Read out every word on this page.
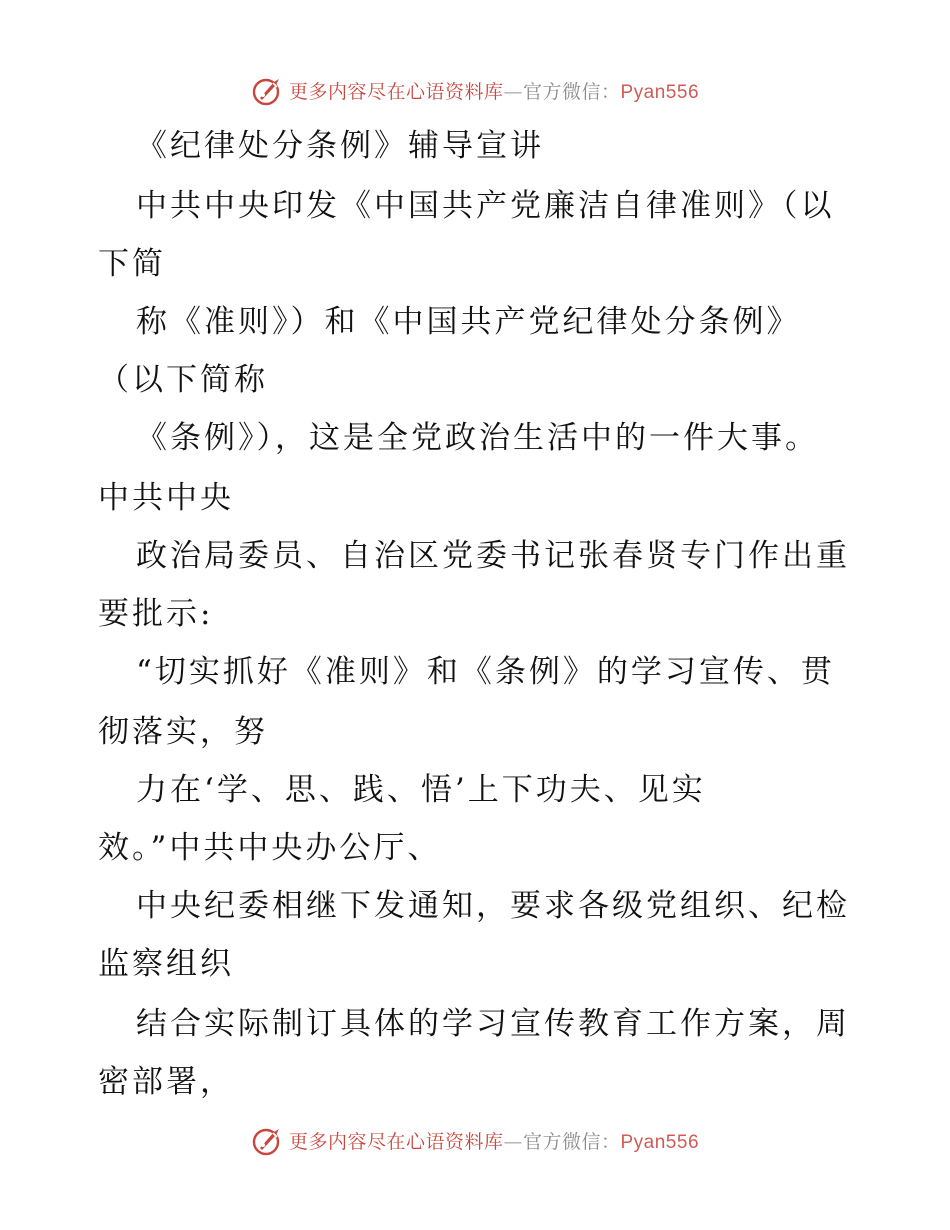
更多内容尽在心语资料库—官方微信：Pyan556
《纪律处分条例》辅导宣讲
中共中央印发《中国共产党廉洁自律准则》（以
下简
称《准则》）和《中国共产党纪律处分条例》
（以下简称
《条例》），这是全党政治生活中的一件大事。
中共中央
政治局委员、自治区党委书记张春贤专门作出重
要批示:
“切实抓好《准则》和《条例》的学习宣传、贯
彻落实，努
力在‘学、思、践、悟’上下功夫、见实
效。”中共中央办公厅、
中央纪委相继下发通知，要求各级党组织、纪检
监察组织
结合实际制订具体的学习宣传教育工作方案，周
密部署，
更多内容尽在心语资料库—官方微信：Pyan556
